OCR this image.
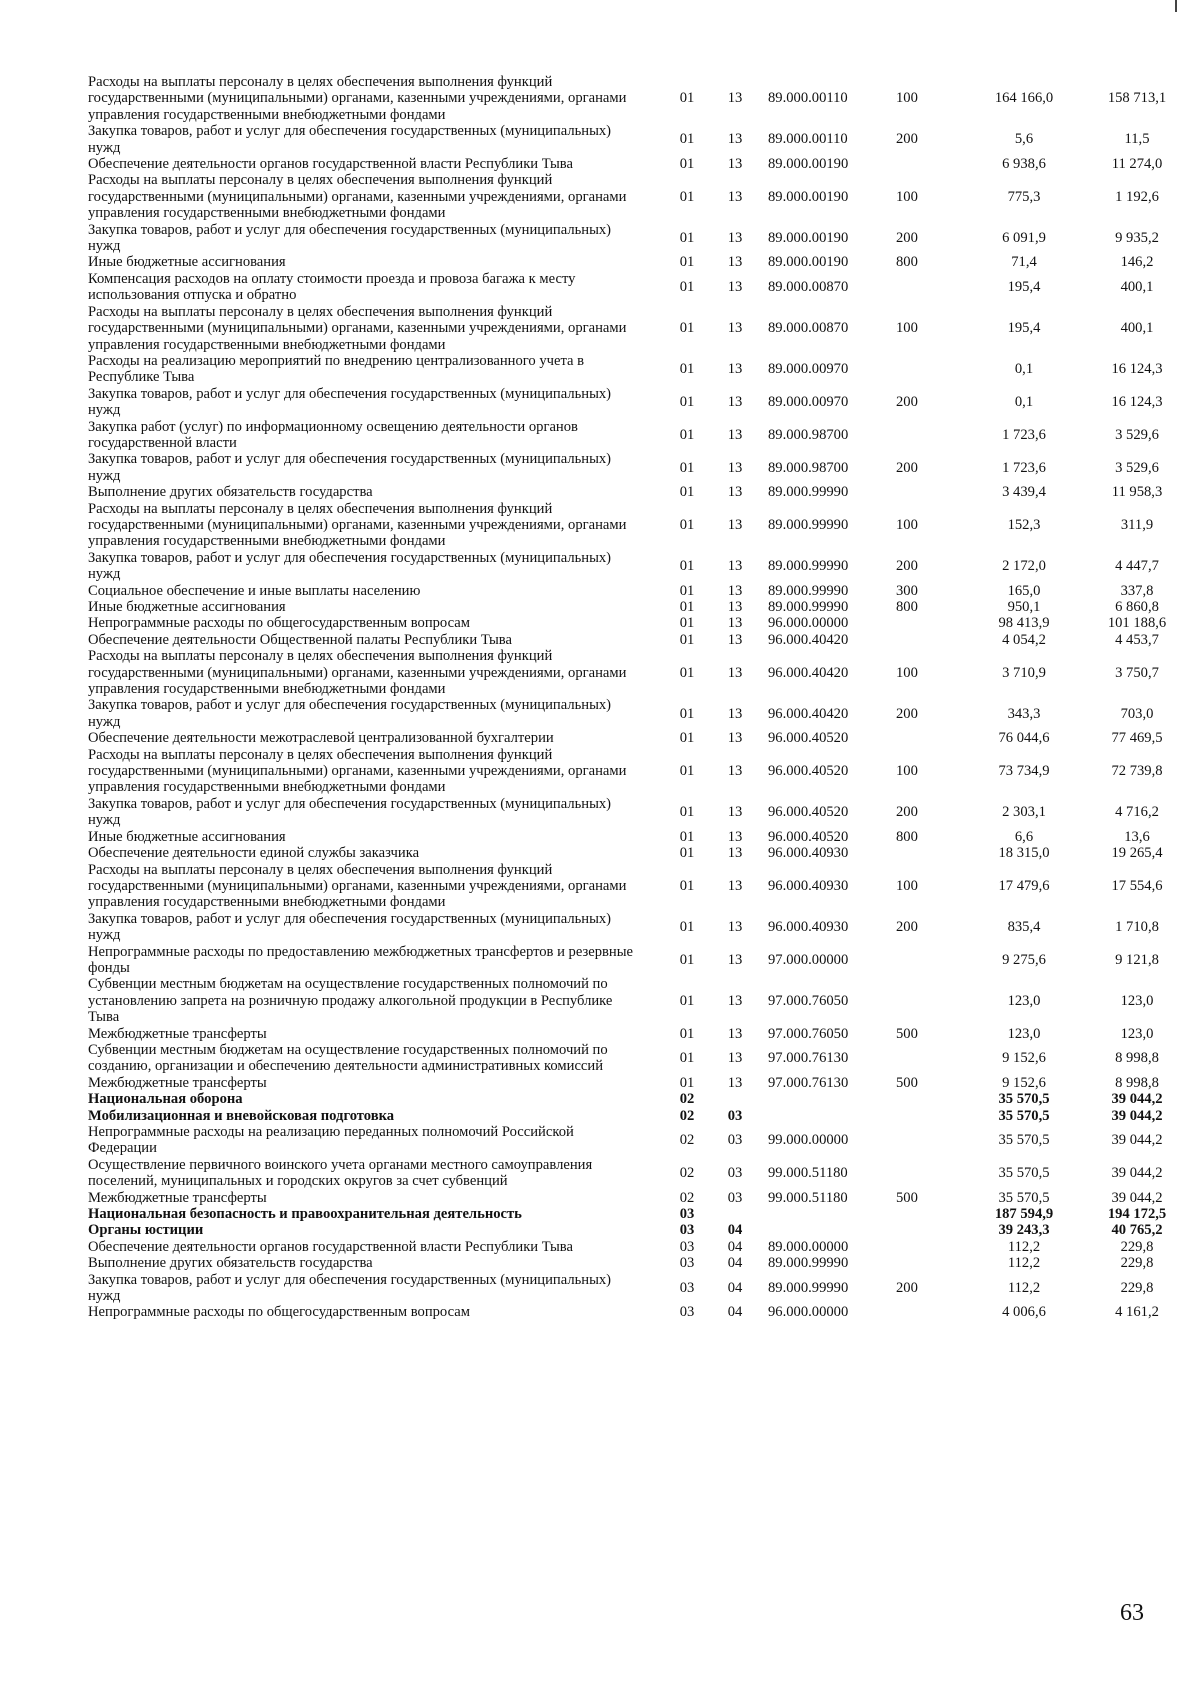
Расходы на выплаты персоналу в целях обеспечения выполнения функций государственными (муниципальными) органами, казенными учреждениями, органами управления государственными внебюджетными фондами	01	13	89.000.00110	100	164 166,0	158 713,1
Закупка товаров, работ и услуг для обеспечения государственных (муниципальных) нужд	01	13	89.000.00110	200	5,6	11,5
Обеспечение деятельности органов государственной власти Республики Тыва	01	13	89.000.00190		6 938,6	11 274,0
Расходы на выплаты персоналу в целях обеспечения выполнения функций государственными (муниципальными) органами, казенными учреждениями, органами управления государственными внебюджетными фондами	01	13	89.000.00190	100	775,3	1 192,6
Закупка товаров, работ и услуг для обеспечения государственных (муниципальных) нужд	01	13	89.000.00190	200	6 091,9	9 935,2
Иные бюджетные ассигнования	01	13	89.000.00190	800	71,4	146,2
Компенсация расходов на оплату стоимости проезда и провоза багажа к месту использования отпуска и обратно	01	13	89.000.00870		195,4	400,1
Расходы на выплаты персоналу в целях обеспечения выполнения функций государственными (муниципальными) органами, казенными учреждениями, органами управления государственными внебюджетными фондами	01	13	89.000.00870	100	195,4	400,1
Расходы на реализацию мероприятий по внедрению централизованного учета в Республике Тыва	01	13	89.000.00970		0,1	16 124,3
Закупка товаров, работ и услуг для обеспечения государственных (муниципальных) нужд	01	13	89.000.00970	200	0,1	16 124,3
Закупка работ (услуг) по информационному освещению деятельности органов государственной власти	01	13	89.000.98700		1 723,6	3 529,6
Закупка товаров, работ и услуг для обеспечения государственных (муниципальных) нужд	01	13	89.000.98700	200	1 723,6	3 529,6
Выполнение других обязательств государства	01	13	89.000.99990		3 439,4	11 958,3
Расходы на выплаты персоналу в целях обеспечения выполнения функций государственными (муниципальными) органами, казенными учреждениями, органами управления государственными внебюджетными фондами	01	13	89.000.99990	100	152,3	311,9
Закупка товаров, работ и услуг для обеспечения государственных (муниципальных) нужд	01	13	89.000.99990	200	2 172,0	4 447,7
Социальное обеспечение и иные выплаты населению	01	13	89.000.99990	300	165,0	337,8
Иные бюджетные ассигнования	01	13	89.000.99990	800	950,1	6 860,8
Непрограммные расходы по общегосударственным вопросам	01	13	96.000.00000		98 413,9	101 188,6
Обеспечение деятельности Общественной палаты Республики Тыва	01	13	96.000.40420		4 054,2	4 453,7
Расходы на выплаты персоналу в целях обеспечения выполнения функций государственными (муниципальными) органами, казенными учреждениями, органами управления государственными внебюджетными фондами	01	13	96.000.40420	100	3 710,9	3 750,7
Закупка товаров, работ и услуг для обеспечения государственных (муниципальных) нужд	01	13	96.000.40420	200	343,3	703,0
Обеспечение деятельности межотраслевой централизованной бухгалтерии	01	13	96.000.40520		76 044,6	77 469,5
Расходы на выплаты персоналу в целях обеспечения выполнения функций государственными (муниципальными) органами, казенными учреждениями, органами управления государственными внебюджетными фондами	01	13	96.000.40520	100	73 734,9	72 739,8
Закупка товаров, работ и услуг для обеспечения государственных (муниципальных) нужд	01	13	96.000.40520	200	2 303,1	4 716,2
Иные бюджетные ассигнования	01	13	96.000.40520	800	6,6	13,6
Обеспечение деятельности единой службы заказчика	01	13	96.000.40930		18 315,0	19 265,4
Расходы на выплаты персоналу в целях обеспечения выполнения функций государственными (муниципальными) органами, казенными учреждениями, органами управления государственными внебюджетными фондами	01	13	96.000.40930	100	17 479,6	17 554,6
Закупка товаров, работ и услуг для обеспечения государственных (муниципальных) нужд	01	13	96.000.40930	200	835,4	1 710,8
Непрограммные расходы по предоставлению межбюджетных трансфертов и резервные фонды	01	13	97.000.00000		9 275,6	9 121,8
Субвенции местным бюджетам на осуществление государственных полномочий по установлению запрета на розничную продажу алкогольной продукции в Республике Тыва	01	13	97.000.76050		123,0	123,0
Межбюджетные трансферты	01	13	97.000.76050	500	123,0	123,0
Субвенции местным бюджетам на осуществление государственных полномочий по созданию, организации и обеспечению деятельности административных комиссий	01	13	97.000.76130		9 152,6	8 998,8
Межбюджетные трансферты	01	13	97.000.76130	500	9 152,6	8 998,8
Национальная оборона	02				35 570,5	39 044,2
Мобилизационная и вневойсковая подготовка	02	03			35 570,5	39 044,2
Непрограммные расходы на реализацию переданных полномочий Российской Федерации	02	03	99.000.00000		35 570,5	39 044,2
Осуществление первичного воинского учета органами местного самоуправления поселений, муниципальных и городских округов за счет субвенций	02	03	99.000.51180		35 570,5	39 044,2
Межбюджетные трансферты	02	03	99.000.51180	500	35 570,5	39 044,2
Национальная безопасность и правоохранительная деятельность	03				187 594,9	194 172,5
Органы юстиции	03	04			39 243,3	40 765,2
Обеспечение деятельности органов государственной власти Республики Тыва	03	04	89.000.00000		112,2	229,8
Выполнение других обязательств государства	03	04	89.000.99990		112,2	229,8
Закупка товаров, работ и услуг для обеспечения государственных (муниципальных) нужд	03	04	89.000.99990	200	112,2	229,8
Непрограммные расходы по общегосударственным вопросам	03	04	96.000.00000		4 006,6	4 161,2
63
